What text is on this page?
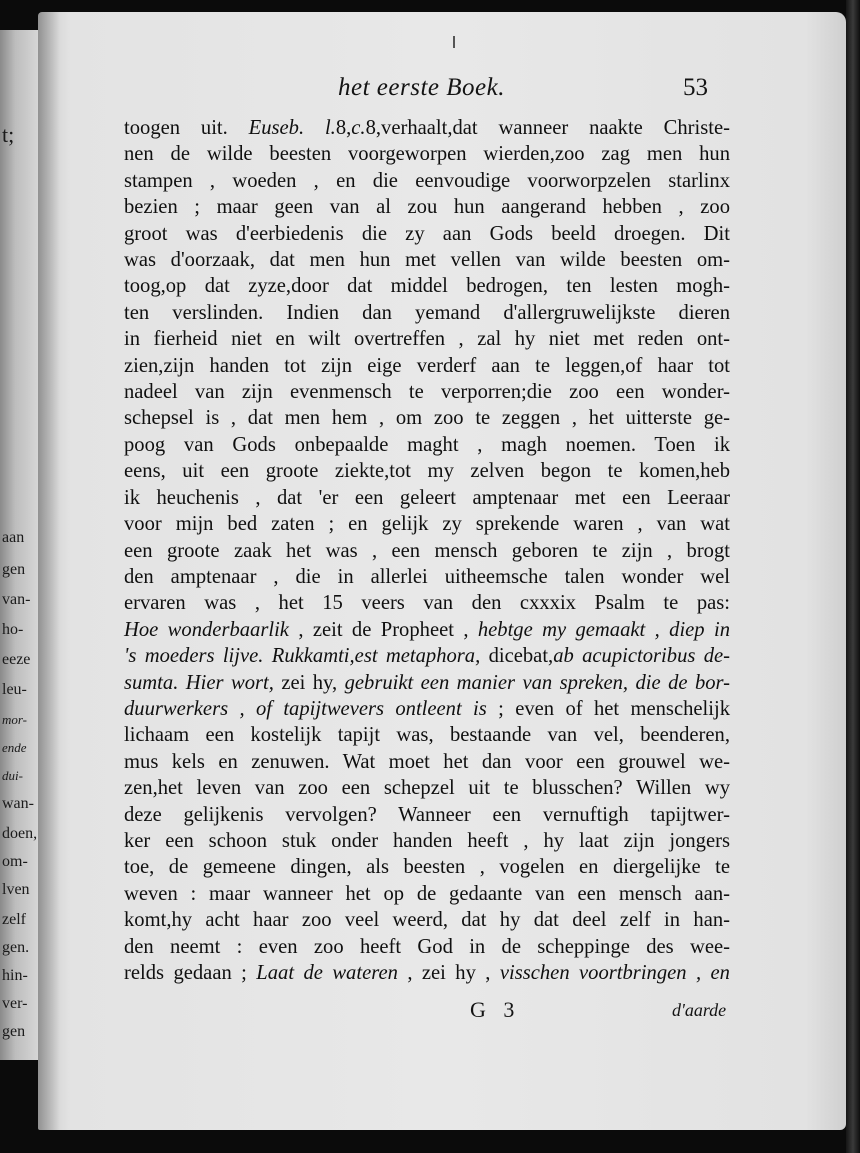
t;
aan
gen
van-
ho-
eeze
leu-
mor-
ende
dui-
wan-
doen,
om-
lven
zelf
gen.
hin-
ver-
gen
het eerste Boek.	53
toogen uit. Euseb. l.8,c.8,verhaalt,dat wanneer naakte Christe-
nen de wilde beesten voorgeworpen wierden,zoo zag men hun
stampen , woeden , en die eenvoudige voorworpzelen starlinx
bezien ; maar geen van al zou hun aangerand hebben , zoo
groot was d'eerbiedenis die zy aan Gods beeld droegen. Dit
was d'oorzaak, dat men hun met vellen van wilde beesten om-
toog,op dat zyze,door dat middel bedrogen, ten lesten mogh-
ten verslinden. Indien dan yemand d'allergruwelijkste dieren
in fierheid niet en wilt overtreffen , zal hy niet met reden ont-
zien,zijn handen tot zijn eige verderf aan te leggen,of haar tot
nadeel van zijn evenmensch te verporren;die zoo een wonder-
schepsel is , dat men hem , om zoo te zeggen , het uitterste ge-
poog van Gods onbepaalde maght , magh noemen. Toen ik
eens, uit een groote ziekte,tot my zelven begon te komen,heb
ik heuchenis , dat 'er een geleert amptenaar met een Leeraar
voor mijn bed zaten ; en gelijk zy sprekende waren , van wat
een groote zaak het was , een mensch geboren te zijn , brogt
den amptenaar , die in allerlei uitheemsche talen wonder wel
ervaren was , het 15 veers van den cxxxix Psalm te pas:
Hoe wonderbaarlik , zeit de Propheet , hebtge my gemaakt , diep in
's moeders lijve. Rukkamti,est metaphora, dicebat,ab acupictoribus de-
sumta. Hier wort, zei hy, gebruikt een manier van spreken, die de bor-
duurwerkers , of tapijtwevers ontleent is ; even of het menschelijk
lichaam een kostelijk tapijt was, bestaande van vel, beenderen,
mus kels en zenuwen. Wat moet het dan voor een grouwel we-
zen,het leven van zoo een schepzel uit te blusschen? Willen wy
deze gelijkenis vervolgen? Wanneer een vernuftigh tapijtwer-
ker een schoon stuk onder handen heeft , hy laat zijn jongers
toe, de gemeene dingen, als beesten , vogelen en diergelijke te
weven : maar wanneer het op de gedaante van een mensch aan-
komt,hy acht haar zoo veel weerd, dat hy dat deel zelf in han-
den neemt : even zoo heeft God in de scheppinge des wee-
relds gedaan ; Laat de wateren , zei hy , visschen voortbringen , en
G 3	d'aarde
